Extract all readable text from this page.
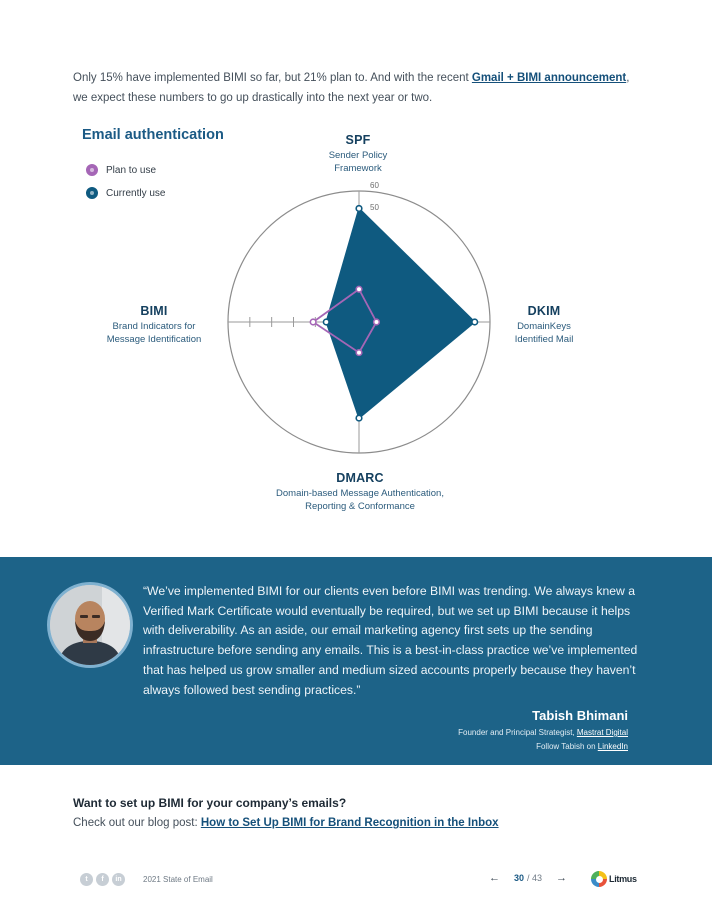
Only 15% have implemented BIMI so far, but 21% plan to. And with the recent Gmail + BIMI announcement, we expect these numbers to go up drastically into the next year or two.

Email authentication
Plan to use
Currently use
50
60
SPF
Sender Policy Framework
DKIM
DomainKeys Identified Mail
DMARC
Domain-based Message Authentication, Reporting & Conformance
BIMI
Brand Indicators for Message Identification

“We’ve implemented BIMI for our clients even before BIMI was trending. We always knew a Verified Mark Certificate would eventually be required, but we set up BIMI because it helps with deliverability. As an aside, our email marketing agency first sets up the sending infrastructure before sending any emails. This is a best-in-class practice we’ve implemented that has helped us grow smaller and medium sized accounts properly because they haven’t always followed best sending practices.”

Tabish Bhimani
Founder and Principal Strategist, Mastrat Digital
Follow Tabish on LinkedIn
Want to set up BIMI for your company’s emails?

Check out our blog post: How to Set Up BIMI for Brand Recognition in the Inbox

t	f	in	2021 State of Email	← 30 / 43 →	Litmus
